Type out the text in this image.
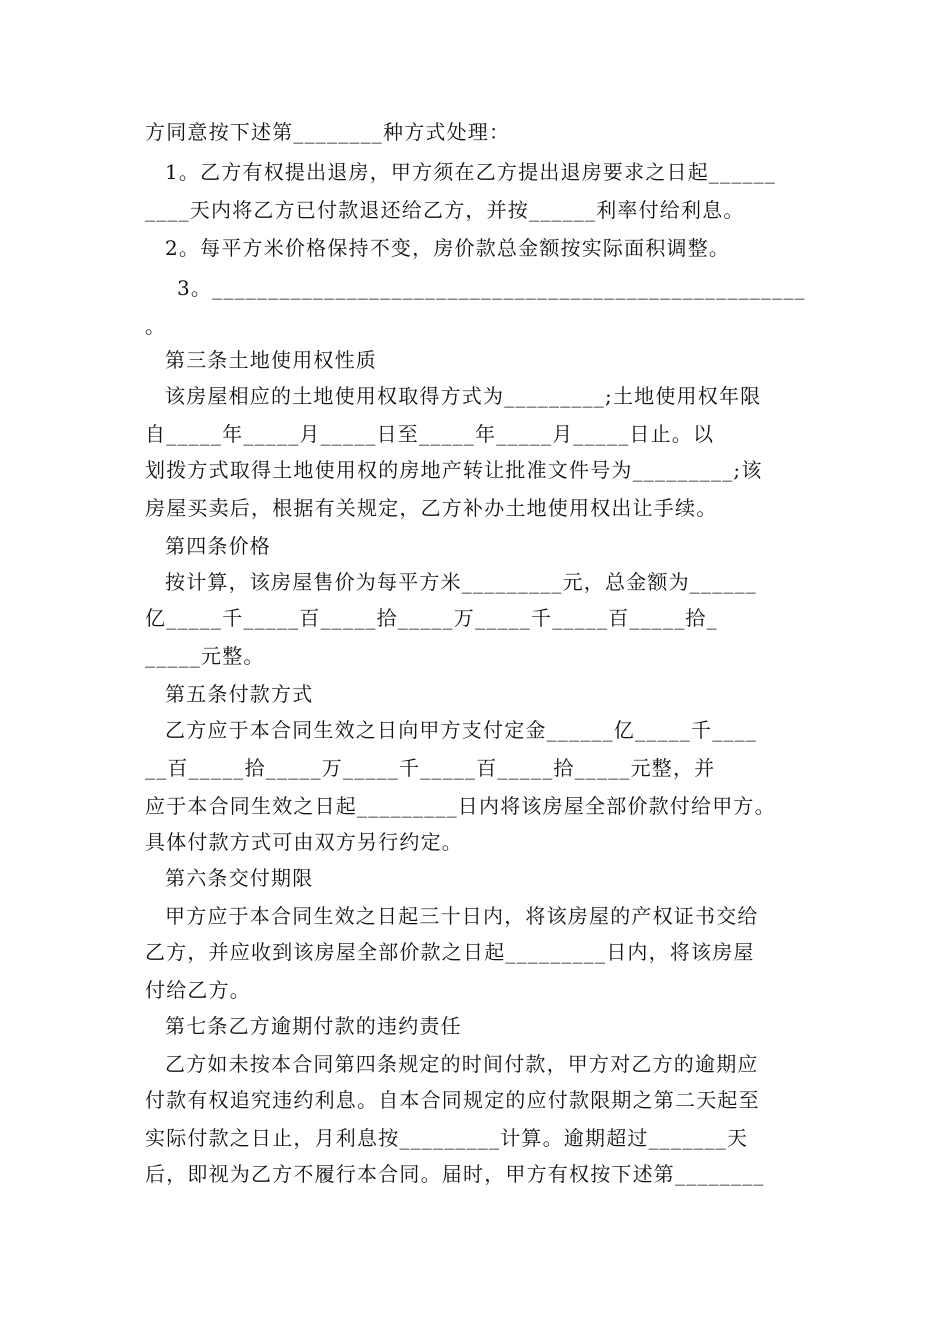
方同意按下述第________种方式处理：
1。乙方有权提出退房，甲方须在乙方提出退房要求之日起______
____天内将乙方已付款退还给乙方，并按______利率付给利息。
2。每平方米价格保持不变，房价款总金额按实际面积调整。
3。_____________________________________________________
。
第三条土地使用权性质
该房屋相应的土地使用权取得方式为_________;土地使用权年限
自_____年_____月_____日至_____年_____月_____日止。以
划拨方式取得土地使用权的房地产转让批准文件号为_________;该
房屋买卖后，根据有关规定，乙方补办土地使用权出让手续。
第四条价格
按计算，该房屋售价为每平方米_________元，总金额为______
亿_____千_____百_____拾_____万_____千_____百_____拾_
_____元整。
第五条付款方式
乙方应于本合同生效之日向甲方支付定金______亿_____千____
__百_____拾_____万_____千_____百_____拾_____元整，并
应于本合同生效之日起_________日内将该房屋全部价款付给甲方。
具体付款方式可由双方另行约定。
第六条交付期限
甲方应于本合同生效之日起三十日内，将该房屋的产权证书交给
乙方，并应收到该房屋全部价款之日起_________日内，将该房屋
付给乙方。
第七条乙方逾期付款的违约责任
乙方如未按本合同第四条规定的时间付款，甲方对乙方的逾期应
付款有权追究违约利息。自本合同规定的应付款限期之第二天起至
实际付款之日止，月利息按_________计算。逾期超过_______天
后，即视为乙方不履行本合同。届时，甲方有权按下述第________
